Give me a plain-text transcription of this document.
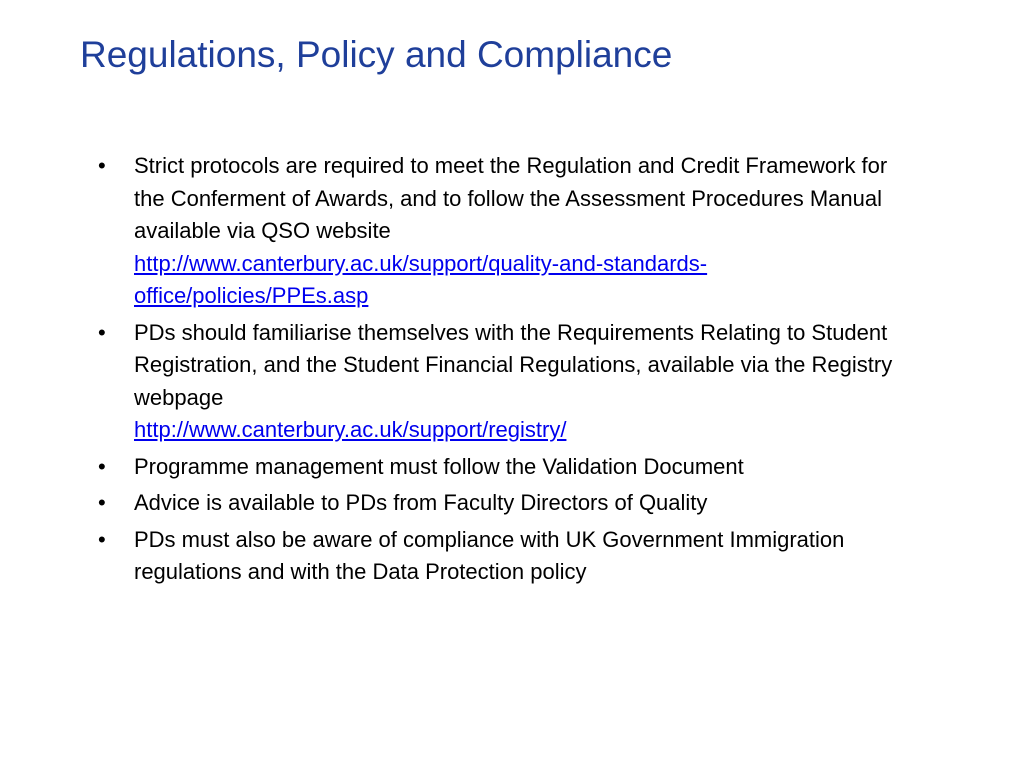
Regulations, Policy and Compliance
• Strict protocols are required to meet the Regulation and Credit Framework for the Conferment of Awards, and to follow the Assessment Procedures Manual available via QSO website
http://www.canterbury.ac.uk/support/quality-and-standards-office/policies/PPEs.asp
• PDs should familiarise themselves with the Requirements Relating to Student Registration, and the Student Financial Regulations, available via the Registry webpage
http://www.canterbury.ac.uk/support/registry/
• Programme management must follow the Validation Document
• Advice is available to PDs from Faculty Directors of Quality
• PDs must also be aware of compliance with UK Government Immigration regulations and with the Data Protection policy
